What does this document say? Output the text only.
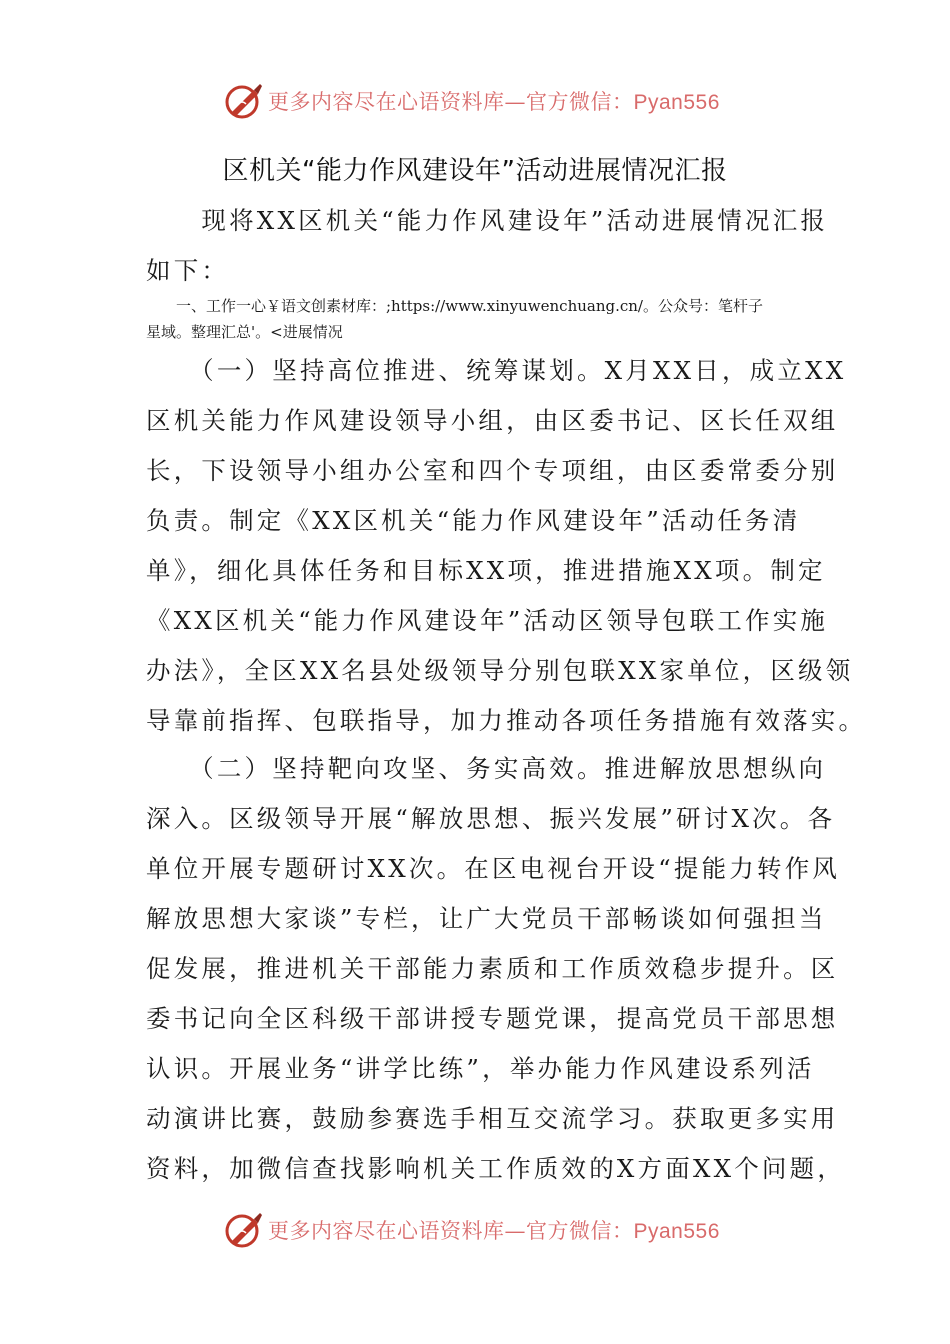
更多内容尽在心语资料库—官方微信：Pyan556
区机关“能力作风建设年”活动进展情况汇报
　　现将XX区机关“能力作风建设年”活动进展情况汇报
如下：
　　一、工作一心￥语文创素材库：;https://www.xinyuwenchuang.cn/。公众号：笔杆子
星域。整理汇总'。<进展情况
　　（一）坚持高位推进、统筹谋划。X月XX日，成立XX
区机关能力作风建设领导小组，由区委书记、区长任双组
长，下设领导小组办公室和四个专项组，由区委常委分别
负责。制定《XX区机关“能力作风建设年”活动任务清
单》，细化具体任务和目标XX项，推进措施XX项。制定
《XX区机关“能力作风建设年”活动区领导包联工作实施
办法》，全区XX名县处级领导分别包联XX家单位，区级领
导靠前指挥、包联指导，加力推动各项任务措施有效落实。
　　（二）坚持靶向攻坚、务实高效。推进解放思想纵向
深入。区级领导开展“解放思想、振兴发展”研讨X次。各
单位开展专题研讨XX次。在区电视台开设“提能力转作风
解放思想大家谈”专栏，让广大党员干部畅谈如何强担当
促发展，推进机关干部能力素质和工作质效稳步提升。区
委书记向全区科级干部讲授专题党课，提高党员干部思想
认识。开展业务“讲学比练”，举办能力作风建设系列活
动演讲比赛，鼓励参赛选手相互交流学习。获取更多实用
资料，加微信查找影响机关工作质效的X方面XX个问题，
更多内容尽在心语资料库—官方微信：Pyan556
